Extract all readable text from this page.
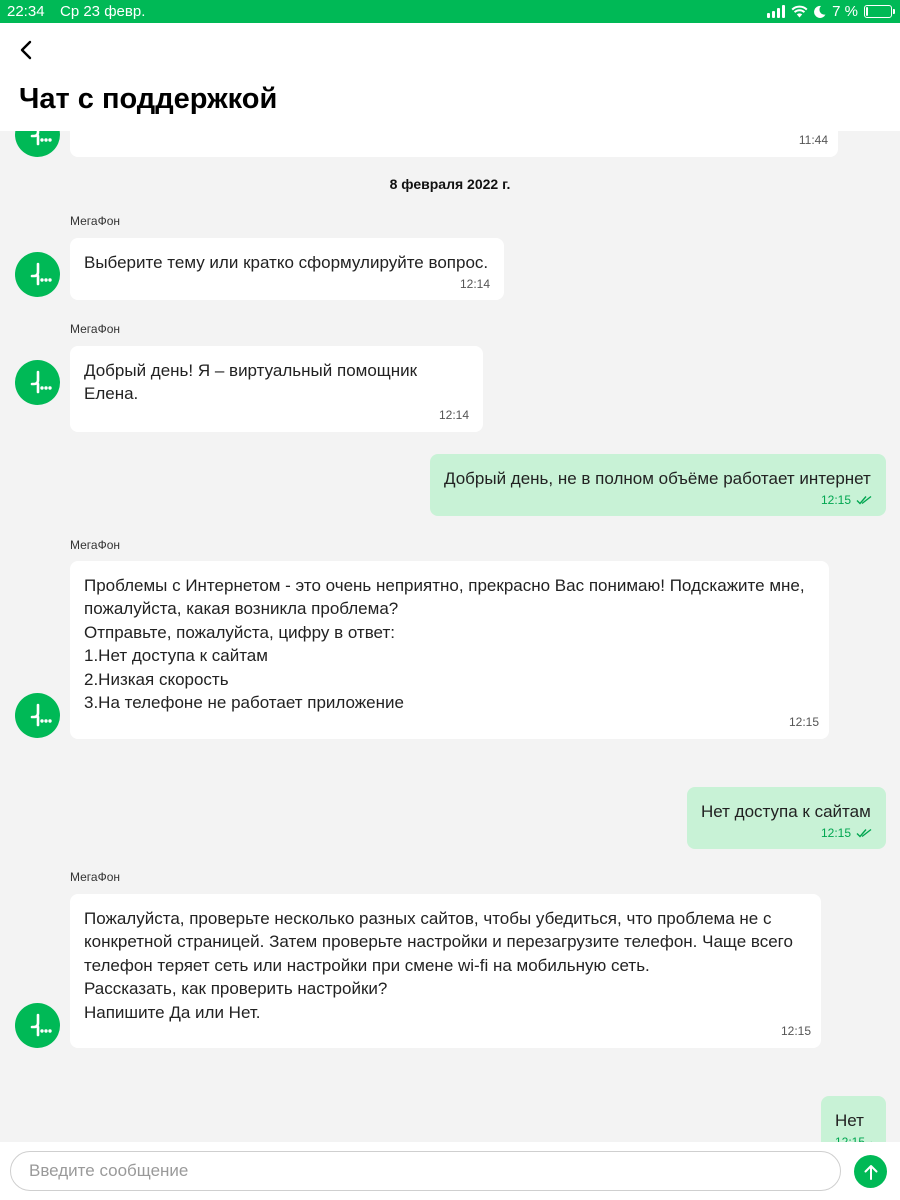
22:34 Ср 23 февр.	7 %
11:44
8 февраля 2022 г.
МегаФон
Выберите тему или кратко сформулируйте вопрос.
12:14
МегаФон
Добрый день! Я – виртуальный помощник Елена.
12:14
Добрый день, не в полном объёме работает интернет
12:15
МегаФон
Проблемы с Интернетом - это очень неприятно, прекрасно Вас понимаю! Подскажите мне, пожалуйста, какая возникла проблема?
Отправьте, пожалуйста, цифру в ответ:
1.Нет доступа к сайтам
2.Низкая скорость
3.На телефоне не работает приложение
12:15
Нет доступа к сайтам
12:15
МегаФон
Пожалуйста, проверьте несколько разных сайтов, чтобы убедиться, что проблема не с конкретной страницей. Затем проверьте настройки и перезагрузите телефон. Чаще всего телефон теряет сеть или настройки при смене wi-fi на мобильную сеть.
Рассказать, как проверить настройки?
Напишите Да или Нет.
12:15
Нет
Чат с поддержкой
Введите сообщение
